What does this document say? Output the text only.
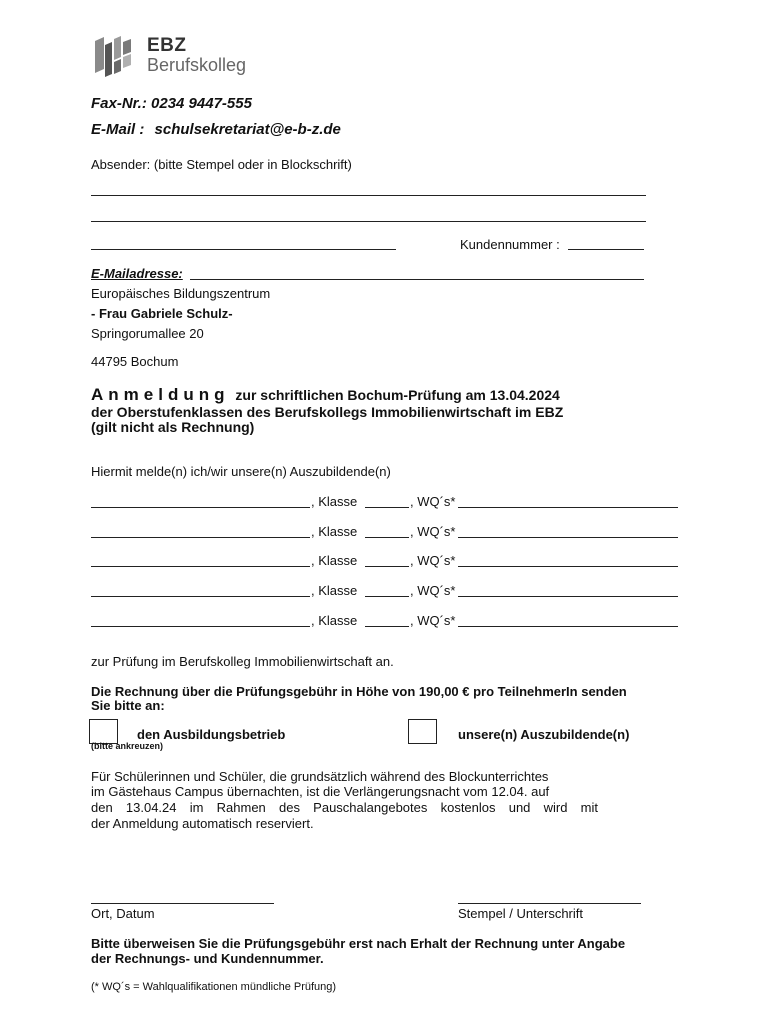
EBZ
Berufskolleg
Fax-Nr.: 0234 9447-555
E-Mail : schulsekretariat@e-b-z.de
Absender: (bitte Stempel oder in Blockschrift)
Kundennummer :
E-Mailadresse:
Europäisches Bildungszentrum
- Frau Gabriele Schulz-
Springorumallee 20
44795 Bochum
Anmeldung zur schriftlichen Bochum-Prüfung am 13.04.2024
der Oberstufenklassen des Berufskollegs Immobilienwirtschaft im EBZ
(gilt nicht als Rechnung)
Hiermit melde(n) ich/wir unsere(n) Auszubildende(n)
, Klasse	, WQ´s*
, Klasse	, WQ´s*
, Klasse	, WQ´s*
, Klasse	, WQ´s*
, Klasse	, WQ´s*
zur Prüfung im Berufskolleg Immobilienwirtschaft an.
Die Rechnung über die Prüfungsgebühr in Höhe von 190,00 € pro TeilnehmerIn senden
Sie bitte an:
den Ausbildungsbetrieb
(bitte ankreuzen)
unsere(n) Auszubildende(n)
Für Schülerinnen und Schüler, die grundsätzlich während des Blockunterrichtes
im Gästehaus Campus übernachten, ist die Verlängerungsnacht vom 12.04. auf
den 13.04.24 im Rahmen des Pauschalangebotes kostenlos und wird mit
der Anmeldung automatisch reserviert.
Ort, Datum	Stempel / Unterschrift
Bitte überweisen Sie die Prüfungsgebühr erst nach Erhalt der Rechnung unter Angabe
der Rechnungs- und Kundennummer.
(* WQ´s = Wahlqualifikationen mündliche Prüfung)
